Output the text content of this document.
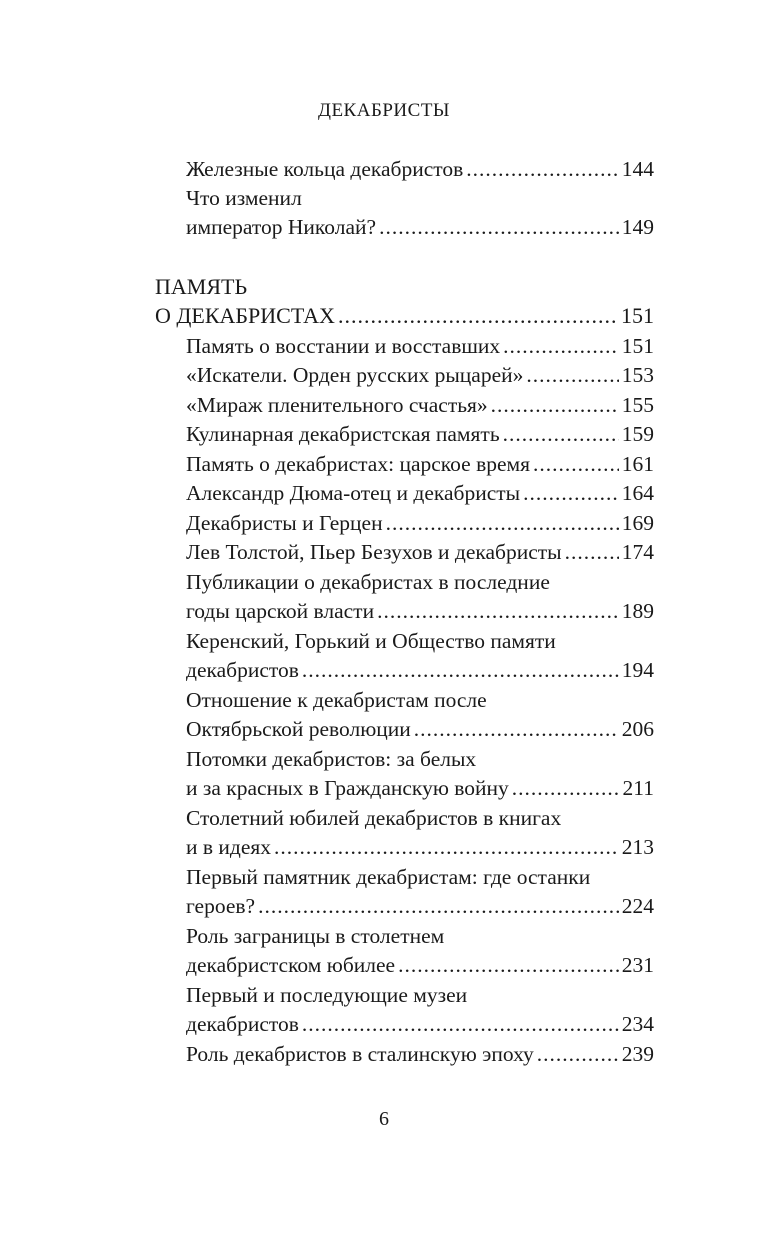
ДЕКАБРИСТЫ
Железные кольца декабристов .....	144
Что изменил
император Николай? .....	149
ПАМЯТЬ
О ДЕКАБРИСТАХ .....	151
Память о восстании и восставших .....	151
«Искатели. Орден русских рыцарей» .....	153
«Мираж пленительного счастья» .....	155
Кулинарная декабристская память .....	159
Память о декабристах: царское время .....	161
Александр Дюма-отец и декабристы .....	164
Декабристы и Герцен .....	169
Лев Толстой, Пьер Безухов и декабристы .....	174
Публикации о декабристах в последние
годы царской власти .....	189
Керенский, Горький и Общество памяти
декабристов .....	194
Отношение к декабристам после
Октябрьской революции .....	206
Потомки декабристов: за белых
и за красных в Гражданскую войну .....	211
Столетний юбилей декабристов в книгах
и в идеях .....	213
Первый памятник декабристам: где останки
героев? .....	224
Роль заграницы в столетнем
декабристском юбилее .....	231
Первый и последующие музеи
декабристов .....	234
Роль декабристов в сталинскую эпоху .....	239
6
